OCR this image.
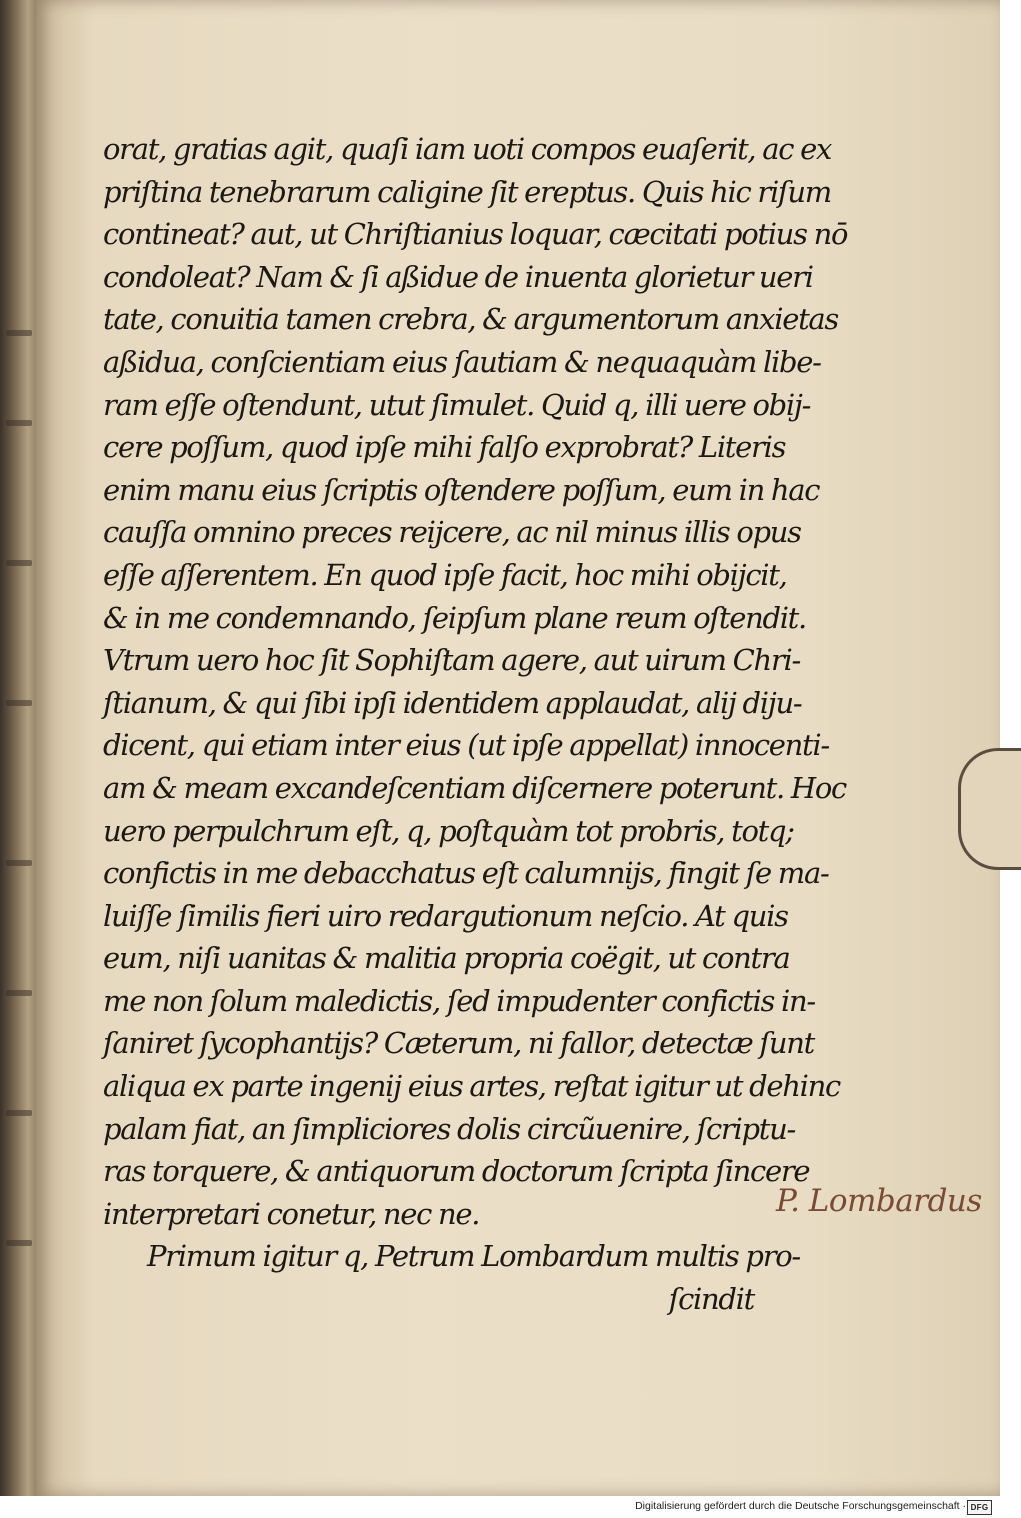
orat, gratias agit, quaſi iam uoti compos euaſerit, ac ex
priſtina tenebrarum caligine ſit ereptus. Quis hic riſum
contineat? aut, ut Chriſtianius loquar, cæcitati potius nō
condoleat? Nam & ſi aßidue de inuenta glorietur ueri
tate, conuitia tamen crebra, & argumentorum anxietas
aßidua, conſcientiam eius ſautiam & nequaquàm libe-
ram eſſe oſtendunt, utut ſimulet. Quid q, illi uere obij-
cere poſſum, quod ipſe mihi falſo exprobrat? Literis
enim manu eius ſcriptis oſtendere poſſum, eum in hac
cauſſa omnino preces reijcere, ac nil minus illis opus
eſſe aſſerentem. En quod ipſe facit, hoc mihi obijcit,
& in me condemnando, ſeipſum plane reum oſtendit.
Vtrum uero hoc ſit Sophiſtam agere, aut uirum Chri-
ſtianum, & qui ſibi ipſi identidem applaudat, alij diju-
dicent, qui etiam inter eius (ut ipſe appellat) innocenti-
am & meam excandeſcentiam diſcernere poterunt. Hoc
uero perpulchrum eſt, q, poſtquàm tot probris, totq;
confictis in me debacchatus eſt calumnijs, fingit ſe ma-
luiſſe ſimilis fieri uiro redargutionum neſcio. At quis
eum, niſi uanitas & malitia propria coëgit, ut contra
me non ſolum maledictis, ſed impudenter confictis in-
ſaniret ſycophantijs? Cæterum, ni fallor, detectæ ſunt
aliqua ex parte ingenij eius artes, reſtat igitur ut dehinc
palam fiat, an ſimpliciores dolis circũuenire, ſcriptu-
ras torquere, & antiquorum doctorum ſcripta ſincere
interpretari conetur, nec ne.
Primum igitur q, Petrum Lombardum multis pro-
ſcindit
P. Lombardus
Digitalisierung gefördert durch die Deutsche Forschungsgemeinschaft · DFG
